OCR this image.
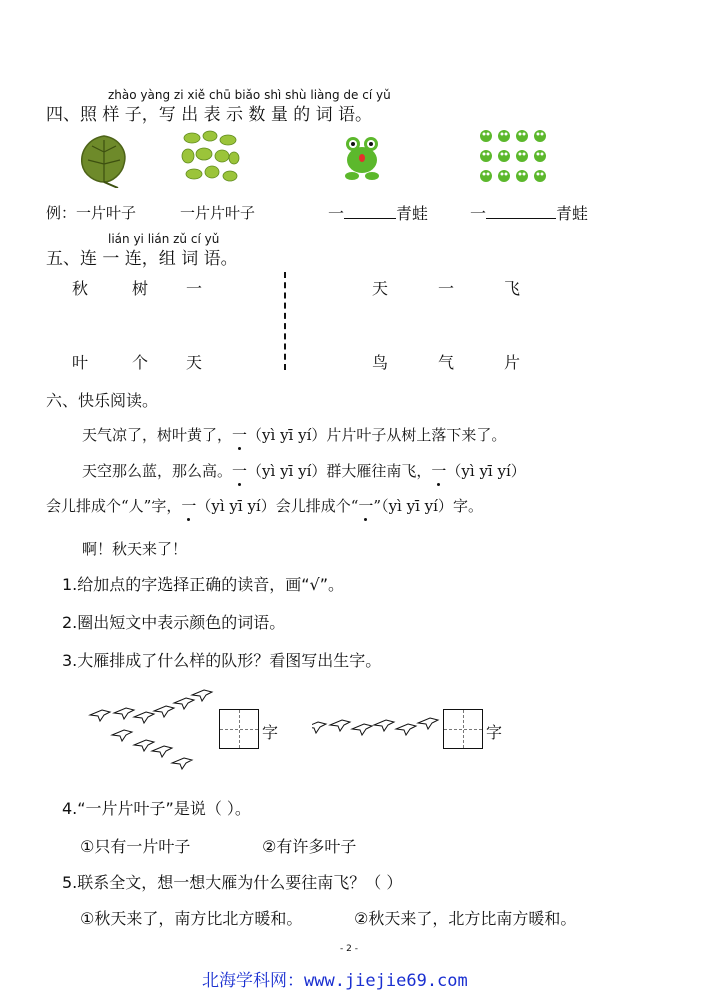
zhào yàng zi xiě chū biǎo shì shù liàng de cí yǔ
四、照 样 子，写 出 表 示 数 量 的 词 语。
例：一片叶子	一片片叶子	一	青蛙	一	青蛙
lián yi lián zǔ cí yǔ
五、连 一 连，组 词 语。
秋	树 一
叶	个 天
天	一	飞
鸟	气	片
六、快乐阅读。
天气凉了，树叶黄了，一（yì yī yí）片片叶子从树上落下来了。
天空那么蓝，那么高。一（yì yī yí）群大雁往南飞，一（yì yī yí）
会儿排成个“人”字，一（yì yī yí）会儿排成个“一”（yì yī yí）字。
啊！秋天来了！
1.给加点的字选择正确的读音，画“√”。
2.圈出短文中表示颜色的词语。
3.大雁排成了什么样的队形？看图写出生字。
字	字
4.“一片片叶子”是说（ ）。
①只有一片叶子	②有许多叶子
5.联系全文，想一想大雁为什么要往南飞？（ ）
①秋天来了，南方比北方暖和。	②秋天来了，北方比南方暖和。
- 2 -
北海学科网：www.jiejie69.com
